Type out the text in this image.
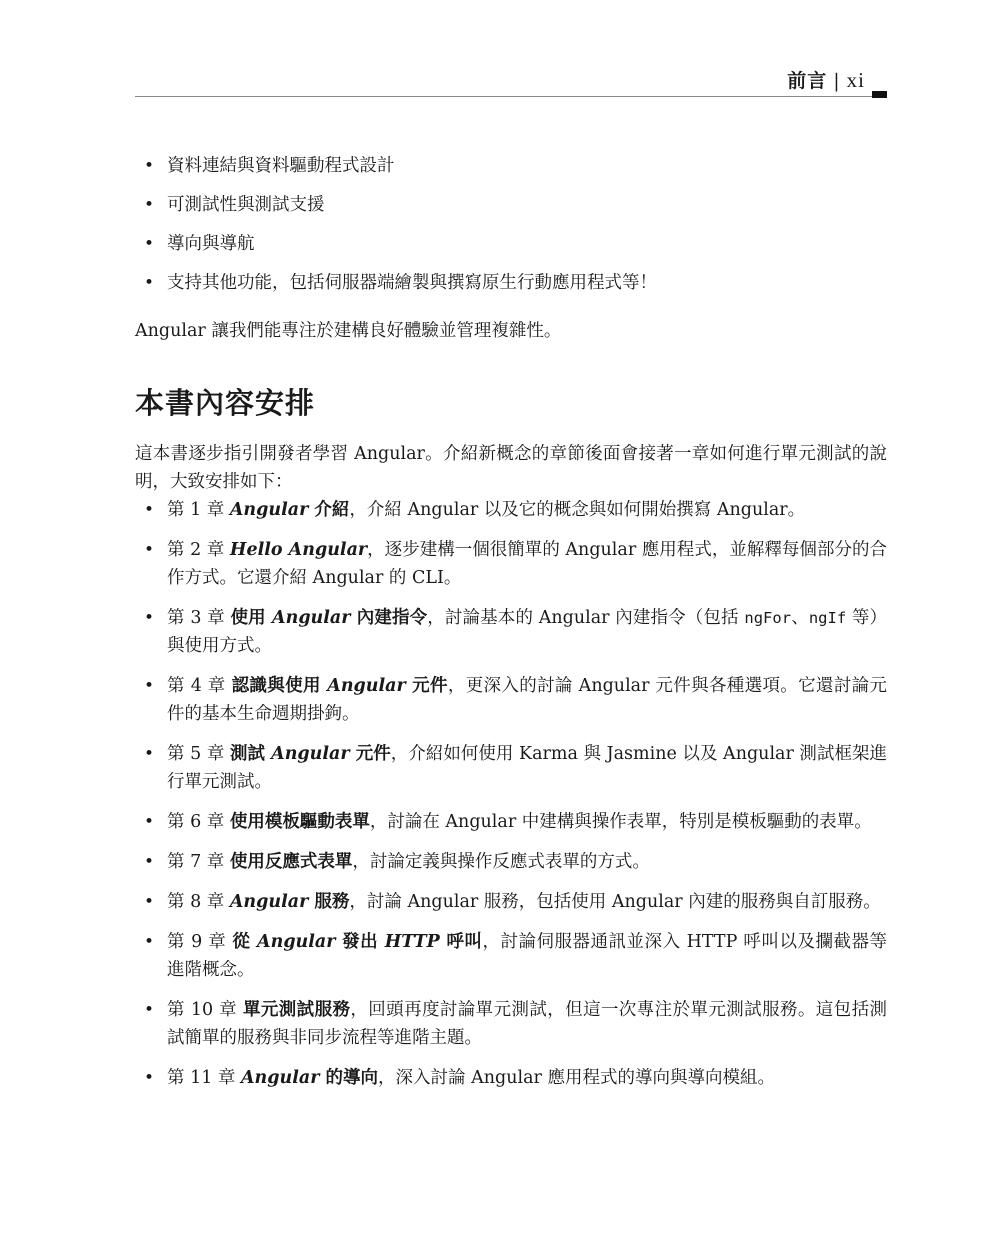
前言 | xi
• 資料連結與資料驅動程式設計
• 可測試性與測試支援
• 導向與導航
• 支持其他功能，包括伺服器端繪製與撰寫原生行動應用程式等！

Angular 讓我們能專注於建構良好體驗並管理複雜性。

本書內容安排

這本書逐步指引開發者學習 Angular。介紹新概念的章節後面會接著一章如何進行單元測試的說明，大致安排如下：

• 第 1 章 Angular 介紹，介紹 Angular 以及它的概念與如何開始撰寫 Angular。
• 第 2 章 Hello Angular，逐步建構一個很簡單的 Angular 應用程式，並解釋每個部分的合作方式。它還介紹 Angular 的 CLI。
• 第 3 章 使用 Angular 內建指令，討論基本的 Angular 內建指令（包括 ngFor、ngIf 等）與使用方式。
• 第 4 章 認識與使用 Angular 元件，更深入的討論 Angular 元件與各種選項。它還討論元件的基本生命週期掛鉤。
• 第 5 章 測試 Angular 元件，介紹如何使用 Karma 與 Jasmine 以及 Angular 測試框架進行單元測試。
• 第 6 章 使用模板驅動表單，討論在 Angular 中建構與操作表單，特別是模板驅動的表單。
• 第 7 章 使用反應式表單，討論定義與操作反應式表單的方式。
• 第 8 章 Angular 服務，討論 Angular 服務，包括使用 Angular 內建的服務與自訂服務。
• 第 9 章 從 Angular 發出 HTTP 呼叫，討論伺服器通訊並深入 HTTP 呼叫以及攔截器等進階概念。
• 第 10 章 單元測試服務，回頭再度討論單元測試，但這一次專注於單元測試服務。這包括測試簡單的服務與非同步流程等進階主題。
• 第 11 章 Angular 的導向，深入討論 Angular 應用程式的導向與導向模組。
